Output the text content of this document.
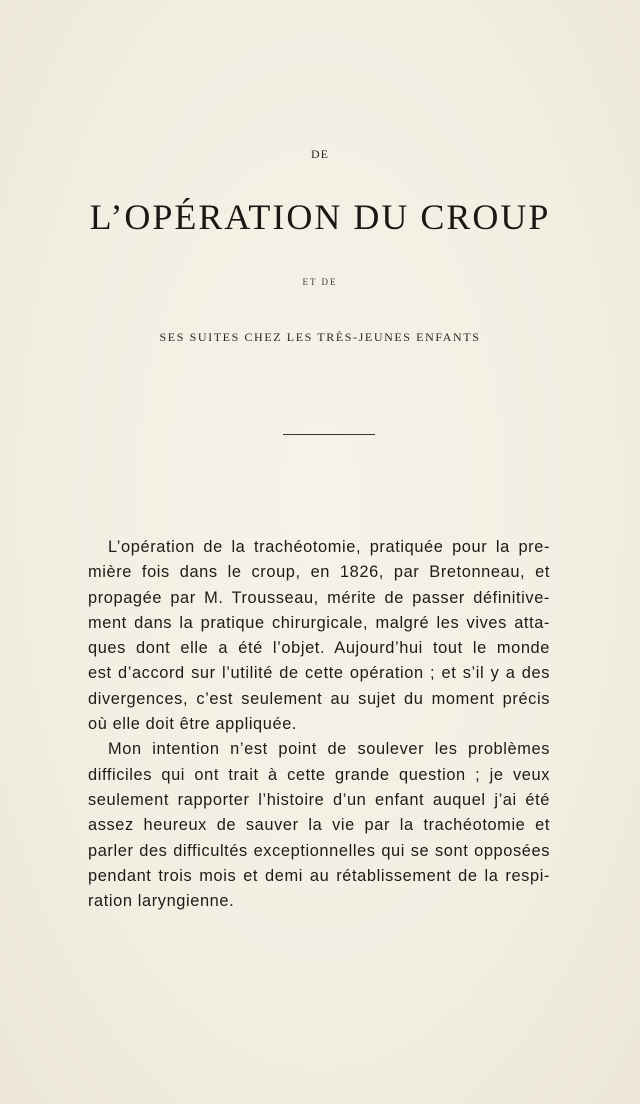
DE
L’OPÉRATION DU CROUP
ET DE
SES SUITES CHEZ LES TRÈS-JEUNES ENFANTS
L’opération de la trachéotomie, pratiquée pour la pre-
mière fois dans le croup, en 1826, par Bretonneau, et
propagée par M. Trousseau, mérite de passer définitive-
ment dans la pratique chirurgicale, malgré les vives atta-
ques dont elle a été l’objet. Aujourd’hui tout le monde
est d’accord sur l’utilité de cette opération ; et s’il y a des
divergences, c’est seulement au sujet du moment précis
où elle doit être appliquée.
Mon intention n’est point de soulever les problèmes
difficiles qui ont trait à cette grande question ; je veux
seulement rapporter l’histoire d’un enfant auquel j’ai été
assez heureux de sauver la vie par la trachéotomie et
parler des difficultés exceptionnelles qui se sont opposées
pendant trois mois et demi au rétablissement de la respi-
ration laryngienne.
